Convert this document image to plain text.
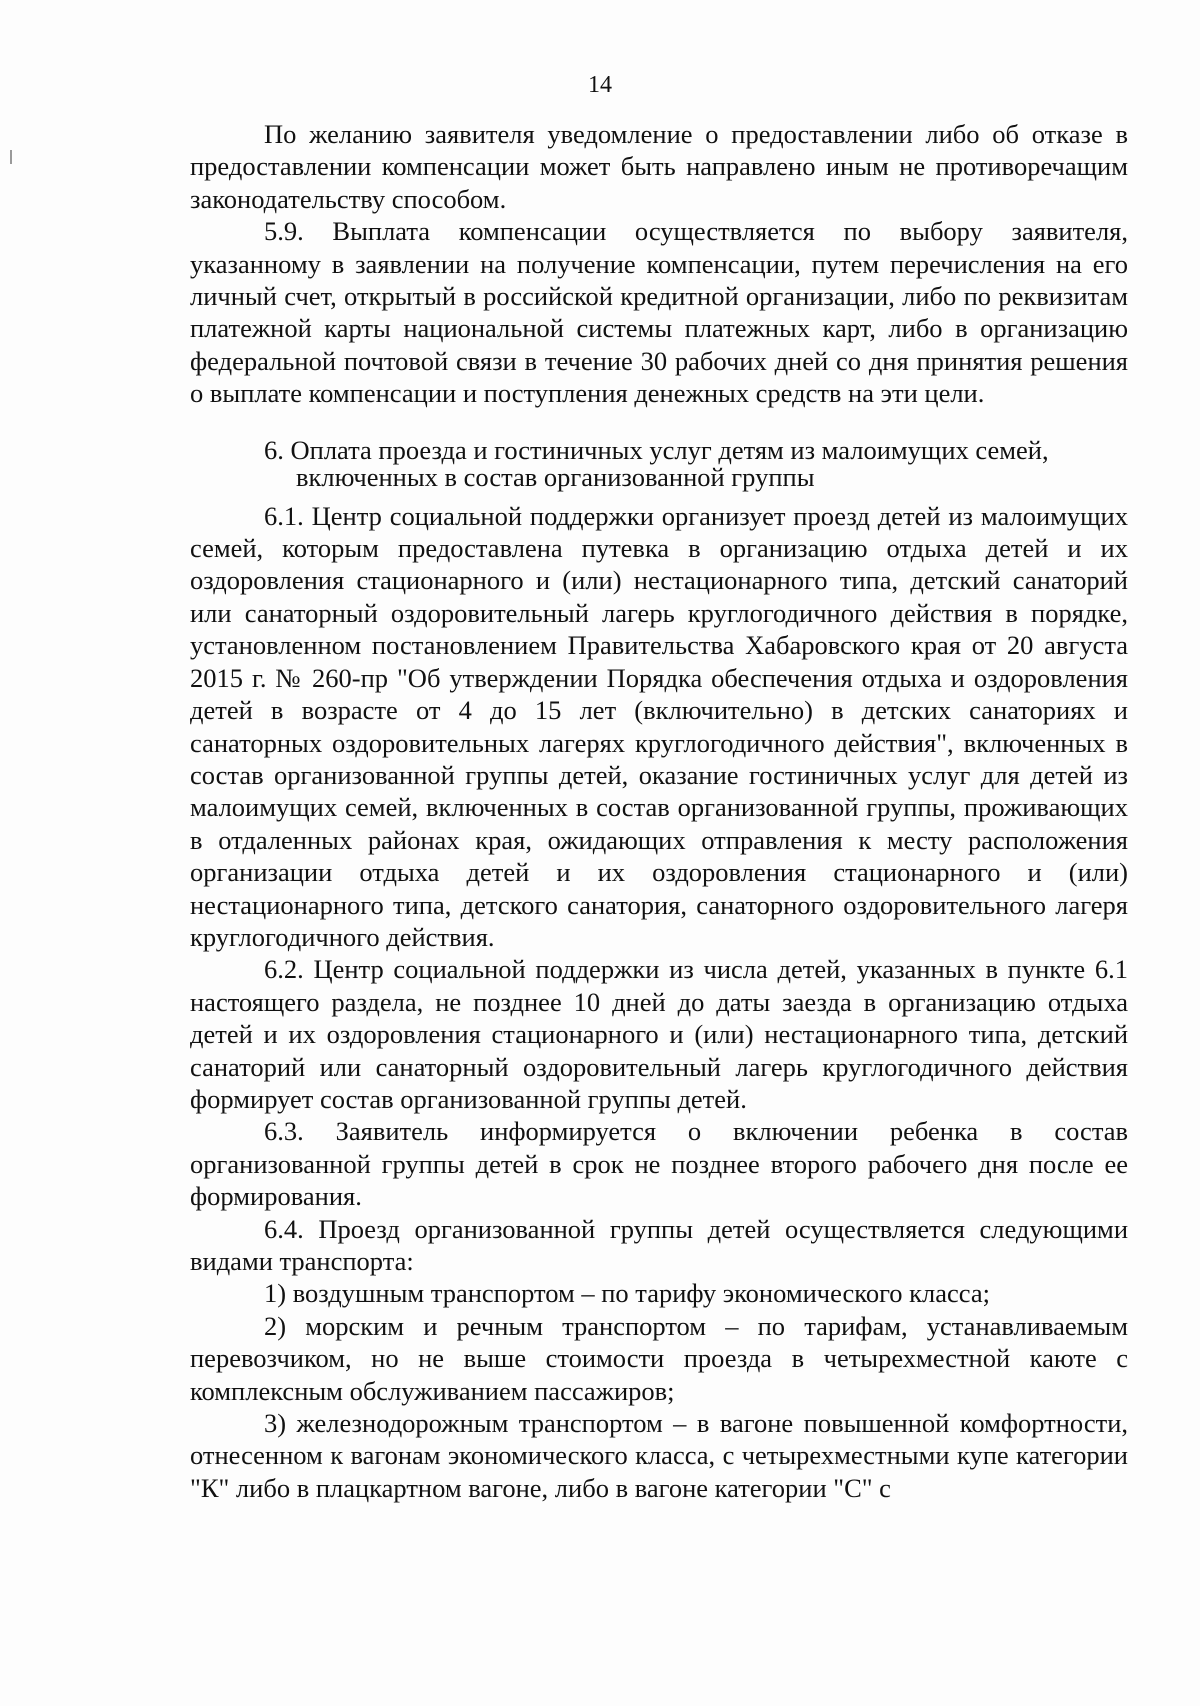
14

По желанию заявителя уведомление о предоставлении либо об отказе в предоставлении компенсации может быть направлено иным не противоречащим законодательству способом.

5.9. Выплата компенсации осуществляется по выбору заявителя, указанному в заявлении на получение компенсации, путем перечисления на его личный счет, открытый в российской кредитной организации, либо по реквизитам платежной карты национальной системы платежных карт, либо в организацию федеральной почтовой связи в течение 30 рабочих дней со дня принятия решения о выплате компенсации и поступления денежных средств на эти цели.

6. Оплата проезда и гостиничных услуг детям из малоимущих семей,
включенных в состав организованной группы

6.1. Центр социальной поддержки организует проезд детей из малоимущих семей, которым предоставлена путевка в организацию отдыха детей и их оздоровления стационарного и (или) нестационарного типа, детский санаторий или санаторный оздоровительный лагерь круглогодичного действия в порядке, установленном постановлением Правительства Хабаровского края от 20 августа 2015 г. № 260-пр "Об утверждении Порядка обеспечения отдыха и оздоровления детей в возрасте от 4 до 15 лет (включительно) в детских санаториях и санаторных оздоровительных лагерях круглогодичного действия", включенных в состав организованной группы детей, оказание гостиничных услуг для детей из малоимущих семей, включенных в состав организованной группы, проживающих в отдаленных районах края, ожидающих отправления к месту расположения организации отдыха детей и их оздоровления стационарного и (или) нестационарного типа, детского санатория, санаторного оздоровительного лагеря круглогодичного действия.

6.2. Центр социальной поддержки из числа детей, указанных в пункте 6.1 настоящего раздела, не позднее 10 дней до даты заезда в организацию отдыха детей и их оздоровления стационарного и (или) нестационарного типа, детский санаторий или санаторный оздоровительный лагерь круглогодичного действия формирует состав организованной группы детей.

6.3. Заявитель информируется о включении ребенка в состав организованной группы детей в срок не позднее второго рабочего дня после ее формирования.

6.4. Проезд организованной группы детей осуществляется следующими видами транспорта:

1) воздушным транспортом – по тарифу экономического класса;

2) морским и речным транспортом – по тарифам, устанавливаемым перевозчиком, но не выше стоимости проезда в четырехместной каюте с комплексным обслуживанием пассажиров;

3) железнодорожным транспортом – в вагоне повышенной комфортности, отнесенном к вагонам экономического класса, с четырехместными купе категории "К" либо в плацкартном вагоне, либо в вагоне категории "С" с
